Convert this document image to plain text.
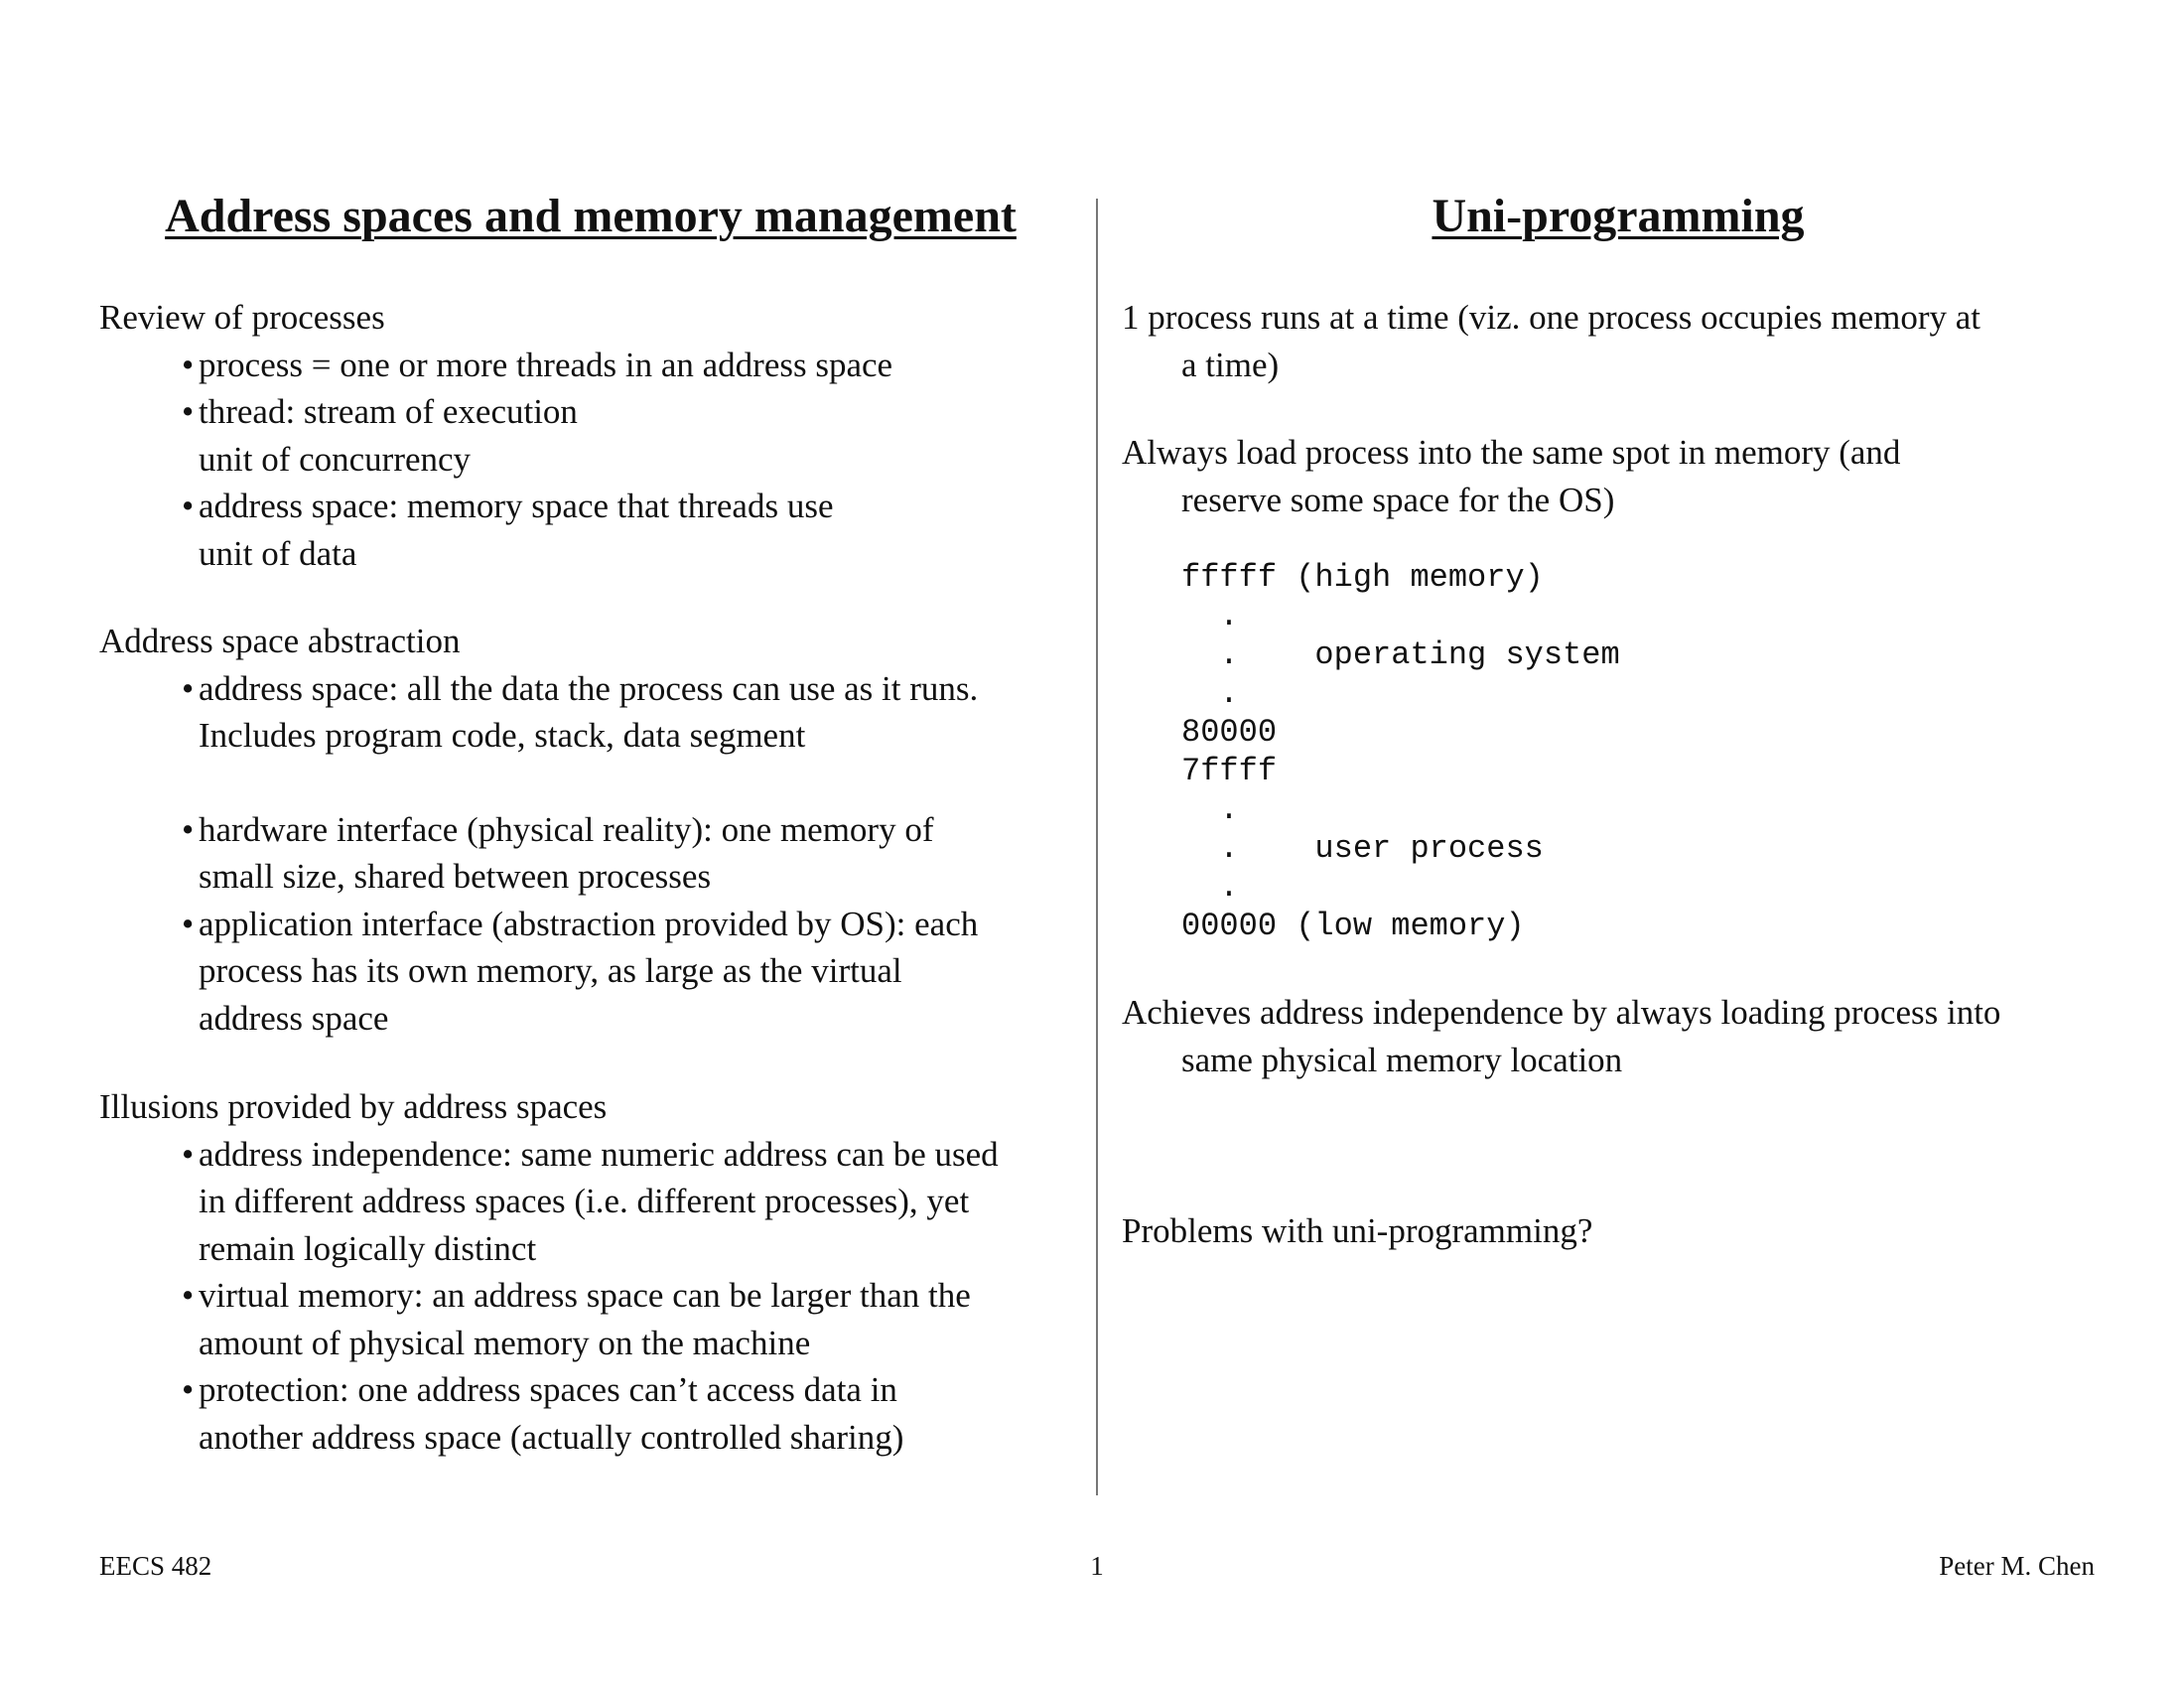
Address spaces and memory management

Review of processes

• process = one or more threads in an address space
• thread: stream of execution
unit of concurrency
• address space: memory space that threads use
unit of data

Address space abstraction

• address space: all the data the process can use as it runs.
Includes program code, stack, data segment
• hardware interface (physical reality): one memory of
small size, shared between processes
• application interface (abstraction provided by OS): each
process has its own memory, as large as the virtual
address space

Illusions provided by address spaces

• address independence: same numeric address can be used
in different address spaces (i.e. different processes), yet
remain logically distinct
• virtual memory: an address space can be larger than the
amount of physical memory on the machine
• protection: one address spaces can’t access data in
another address space (actually controlled sharing)
Uni-programming

1 process runs at a time (viz. one process occupies memory at
a time)

Always load process into the same spot in memory (and
reserve some space for the OS)

fffff (high memory)
.
.    operating system
.
80000
7ffff
.
.    user process
.
00000 (low memory)

Achieves address independence by always loading process into
same physical memory location

Problems with uni-programming?

EECS 482	1	Peter M. Chen
